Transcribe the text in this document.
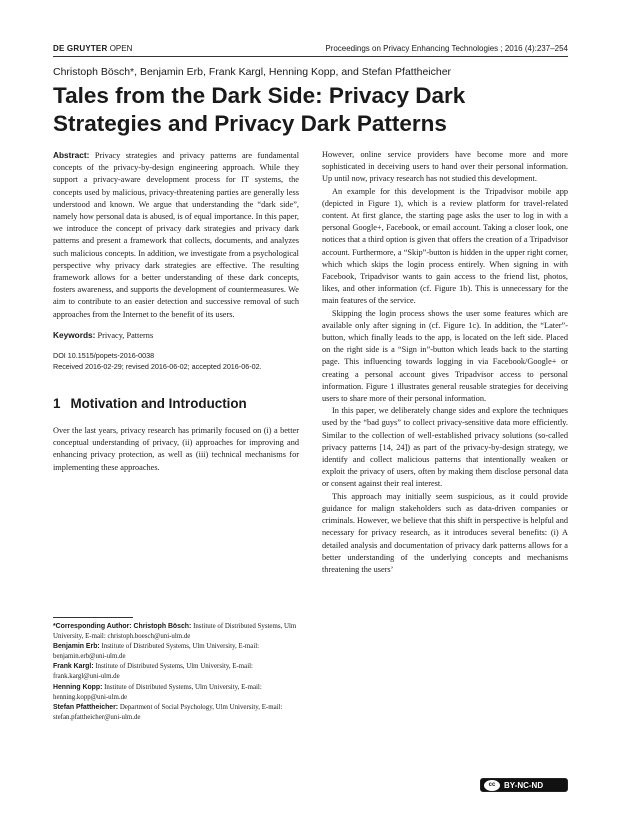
DE GRUYTER OPEN	Proceedings on Privacy Enhancing Technologies ; 2016 (4):237–254
Christoph Bösch*, Benjamin Erb, Frank Kargl, Henning Kopp, and Stefan Pfattheicher
Tales from the Dark Side: Privacy Dark Strategies and Privacy Dark Patterns

Abstract: Privacy strategies and privacy patterns are fundamental concepts of the privacy-by-design engineering approach. While they support a privacy-aware development process for IT systems, the concepts used by malicious, privacy-threatening parties are generally less understood and known. We argue that understanding the “dark side”, namely how personal data is abused, is of equal importance. In this paper, we introduce the concept of privacy dark strategies and privacy dark patterns and present a framework that collects, documents, and analyzes such malicious concepts. In addition, we investigate from a psychological perspective why privacy dark strategies are effective. The resulting framework allows for a better understanding of these dark concepts, fosters awareness, and supports the development of countermeasures. We aim to contribute to an easier detection and successive removal of such approaches from the Internet to the benefit of its users.

Keywords: Privacy, Patterns

DOI 10.1515/popets-2016-0038

Received 2016-02-29; revised 2016-06-02; accepted 2016-06-02.

1 Motivation and Introduction

Over the last years, privacy research has primarily focused on (i) a better conceptual understanding of privacy, (ii) approaches for improving and enhancing privacy protection, as well as (iii) technical mechanisms for implementing these approaches.

*Corresponding Author: Christoph Bösch: Institute of Distributed Systems, Ulm University, E-mail: christoph.boesch@uni-ulm.de

Benjamin Erb: Institute of Distributed Systems, Ulm University, E-mail: benjamin.erb@uni-ulm.de

Frank Kargl: Institute of Distributed Systems, Ulm University, E-mail: frank.kargl@uni-ulm.de

Henning Kopp: Institute of Distributed Systems, Ulm University, E-mail: henning.kopp@uni-ulm.de

Stefan Pfattheicher: Department of Social Psychology, Ulm University, E-mail: stefan.pfattheicher@uni-ulm.de

However, online service providers have become more and more sophisticated in deceiving users to hand over their personal information. Up until now, privacy research has not studied this development.

An example for this development is the Tripadvisor mobile app (depicted in Figure 1), which is a review platform for travel-related content. At first glance, the starting page asks the user to log in with a personal Google+, Facebook, or email account. Taking a closer look, one notices that a third option is given that offers the creation of a Tripadvisor account. Furthermore, a “Skip”-button is hidden in the upper right corner, which which skips the login process entirely. When signing in with Facebook, Tripadvisor wants to gain access to the friend list, photos, likes, and other information (cf. Figure 1b). This is unnecessary for the main features of the service.

Skipping the login process shows the user some features which are available only after signing in (cf. Figure 1c). In addition, the “Later”-button, which finally leads to the app, is located on the left side. Placed on the right side is a “Sign in”-button which leads back to the starting page. This influencing towards logging in via Facebook/Google+ or creating a personal account gives Tripadvisor access to personal information. Figure 1 illustrates general reusable strategies for deceiving users to share more of their personal information.

In this paper, we deliberately change sides and explore the techniques used by the “bad guys” to collect privacy-sensitive data more efficiently. Similar to the collection of well-established privacy solutions (so-called privacy patterns [14, 24]) as part of the privacy-by-design strategy, we identify and collect malicious patterns that intentionally weaken or exploit the privacy of users, often by making them disclose personal data or consent against their real interest.

This approach may initially seem suspicious, as it could provide guidance for malign stakeholders such as data-driven companies or criminals. However, we believe that this shift in perspective is helpful and necessary for privacy research, as it introduces several benefits: (i) A detailed analysis and documentation of privacy dark patterns allows for a better understanding of the underlying concepts and mechanisms threatening the users’

cc	BY-NC-ND
